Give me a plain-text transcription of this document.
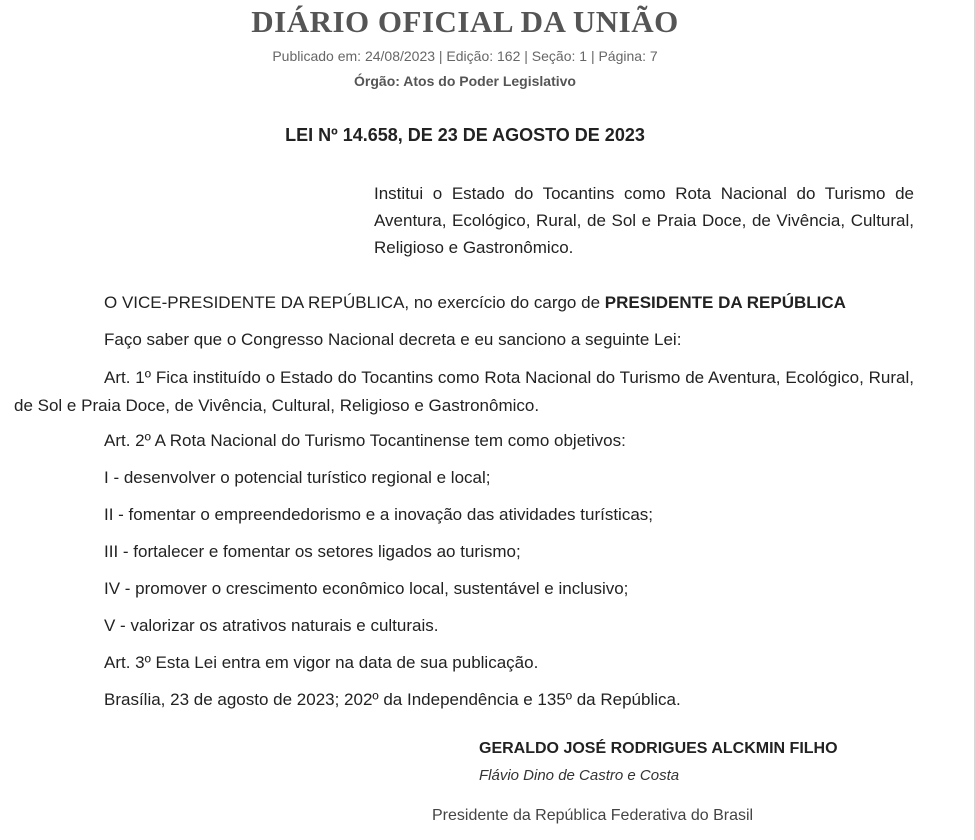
DIÁRIO OFICIAL DA UNIÃO
Publicado em: 24/08/2023 | Edição: 162 | Seção: 1 | Página: 7
Órgão: Atos do Poder Legislativo
LEI Nº 14.658, DE 23 DE AGOSTO DE 2023
Institui o Estado do Tocantins como Rota Nacional do Turismo de Aventura, Ecológico, Rural, de Sol e Praia Doce, de Vivência, Cultural, Religioso e Gastronômico.
O VICE-PRESIDENTE DA REPÚBLICA, no exercício do cargo de PRESIDENTE DA REPÚBLICA
Faço saber que o Congresso Nacional decreta e eu sanciono a seguinte Lei:
Art. 1º Fica instituído o Estado do Tocantins como Rota Nacional do Turismo de Aventura, Ecológico, Rural, de Sol e Praia Doce, de Vivência, Cultural, Religioso e Gastronômico.
Art. 2º A Rota Nacional do Turismo Tocantinense tem como objetivos:
I - desenvolver o potencial turístico regional e local;
II - fomentar o empreendedorismo e a inovação das atividades turísticas;
III - fortalecer e fomentar os setores ligados ao turismo;
IV - promover o crescimento econômico local, sustentável e inclusivo;
V - valorizar os atrativos naturais e culturais.
Art. 3º Esta Lei entra em vigor na data de sua publicação.
Brasília, 23 de agosto de 2023; 202º da Independência e 135º da República.
GERALDO JOSÉ RODRIGUES ALCKMIN FILHO
Flávio Dino de Castro e Costa
Presidente da República Federativa do Brasil
